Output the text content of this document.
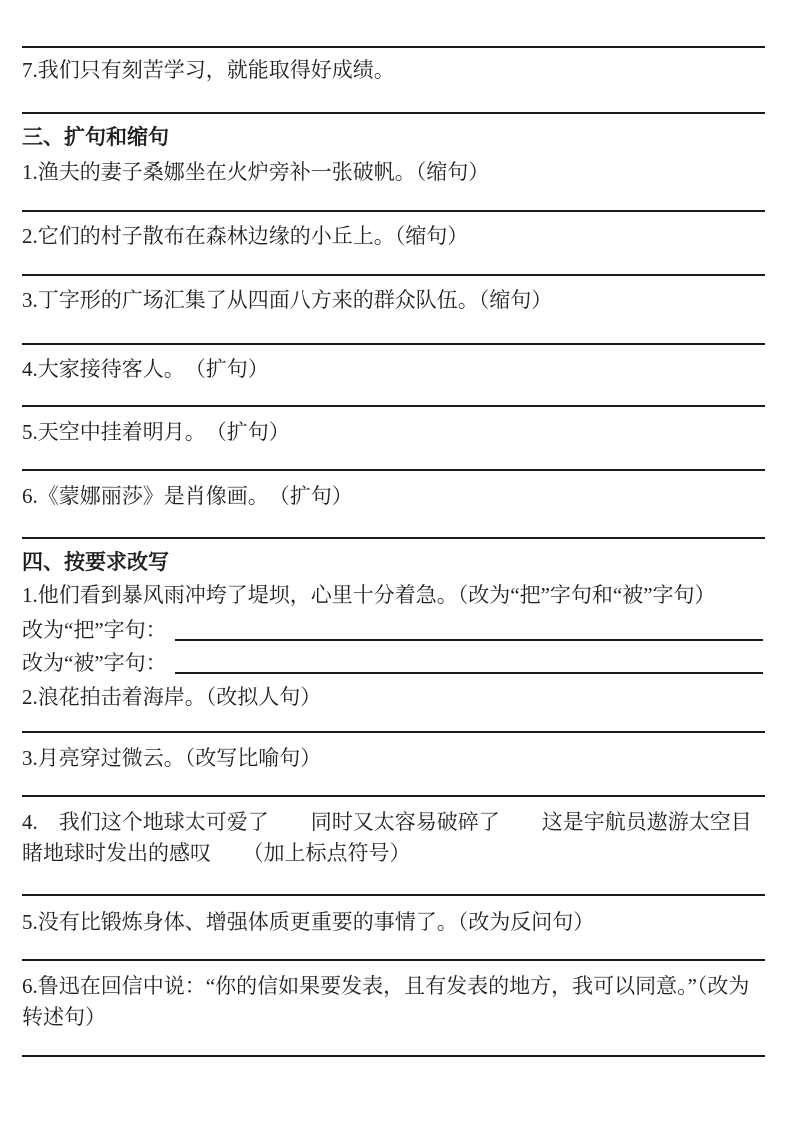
7.我们只有刻苦学习，就能取得好成绩。

三、扩句和缩句

1.渔夫的妻子桑娜坐在火炉旁补一张破帆。（缩句）

2.它们的村子散布在森林边缘的小丘上。（缩句）

3.丁字形的广场汇集了从四面八方来的群众队伍。（缩句）

4.大家接待客人。　（扩句）

5.天空中挂着明月。　（扩句）

6.《蒙娜丽莎》是肖像画。　（扩句）

四、按要求改写

1.他们看到暴风雨冲垮了堤坝，心里十分着急。（改为“把”字句和“被”字句）

改为“把”字句：
改为“被”字句：

2.浪花拍击着海岸。（改拟人句）

3.月亮穿过微云。（改写比喻句）

4.　我们这个地球太可爱了　　同时又太容易破碎了　　这是宇航员遨游太空目睹地球时发出的感叹　　（加上标点符号）

5.没有比锻炼身体、增强体质更重要的事情了。（改为反问句）

6.鲁迅在回信中说：“你的信如果要发表，且有发表的地方，我可以同意。”（改为转述句）
